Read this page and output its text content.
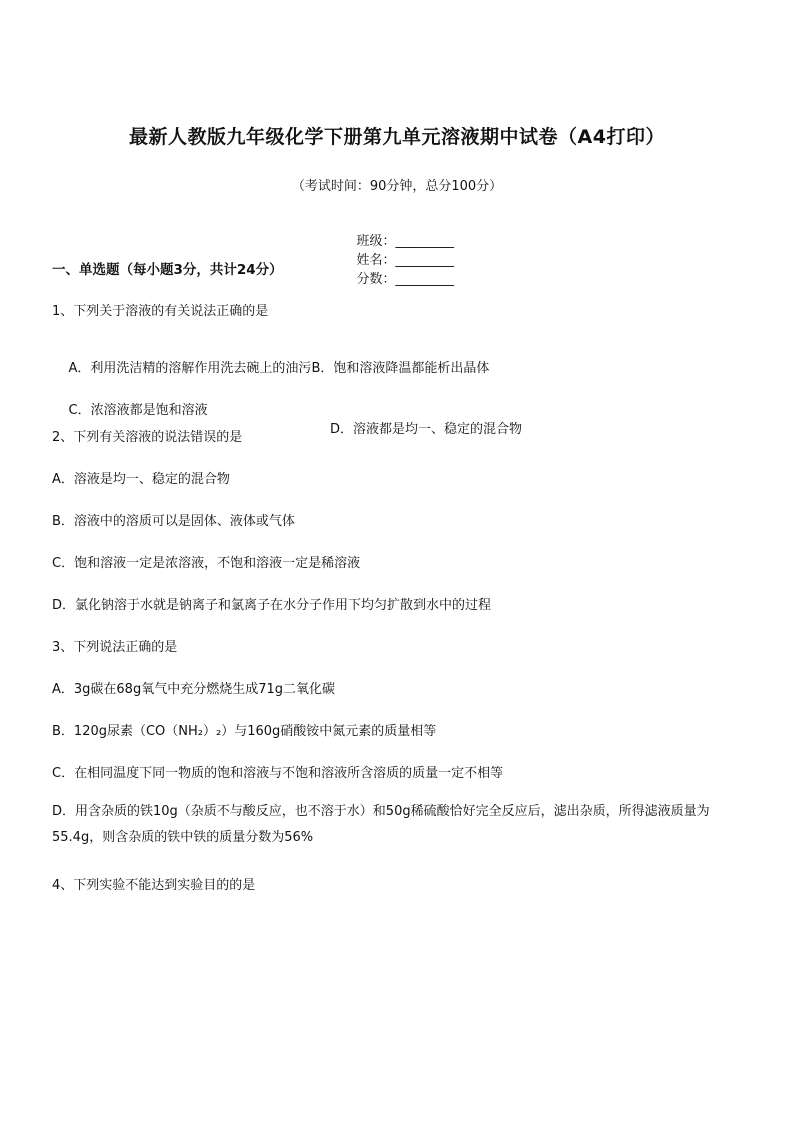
最新人教版九年级化学下册第九单元溶液期中试卷（A4打印）
（考试时间：90分钟，总分100分）

班级：_________
姓名：_________
分数：_________

一、单选题（每小题3分，共计24分）
1、下列关于溶液的有关说法正确的是

A．利用洗洁精的溶解作用洗去碗上的油污B．饱和溶液降温都能析出晶体

C．浓溶液都是饱和溶液

D．溶液都是均一、稳定的混合物

2、下列有关溶液的说法错误的是
A．溶液是均一、稳定的混合物
B．溶液中的溶质可以是固体、液体或气体
C．饱和溶液一定是浓溶液，不饱和溶液一定是稀溶液
D．氯化钠溶于水就是钠离子和氯离子在水分子作用下均匀扩散到水中的过程
3、下列说法正确的是
A．3g碳在68g氧气中充分燃烧生成71g二氧化碳
B．120g尿素（CO（NH₂）₂）与160g硝酸铵中氮元素的质量相等
C．在相同温度下同一物质的饱和溶液与不饱和溶液所含溶质的质量一定不相等
D．用含杂质的铁10g（杂质不与酸反应，也不溶于水）和50g稀硫酸恰好完全反应后，滤出杂质，所得滤液质量为55.4g，则含杂质的铁中铁的质量分数为56%
4、下列实验不能达到实验目的的是
